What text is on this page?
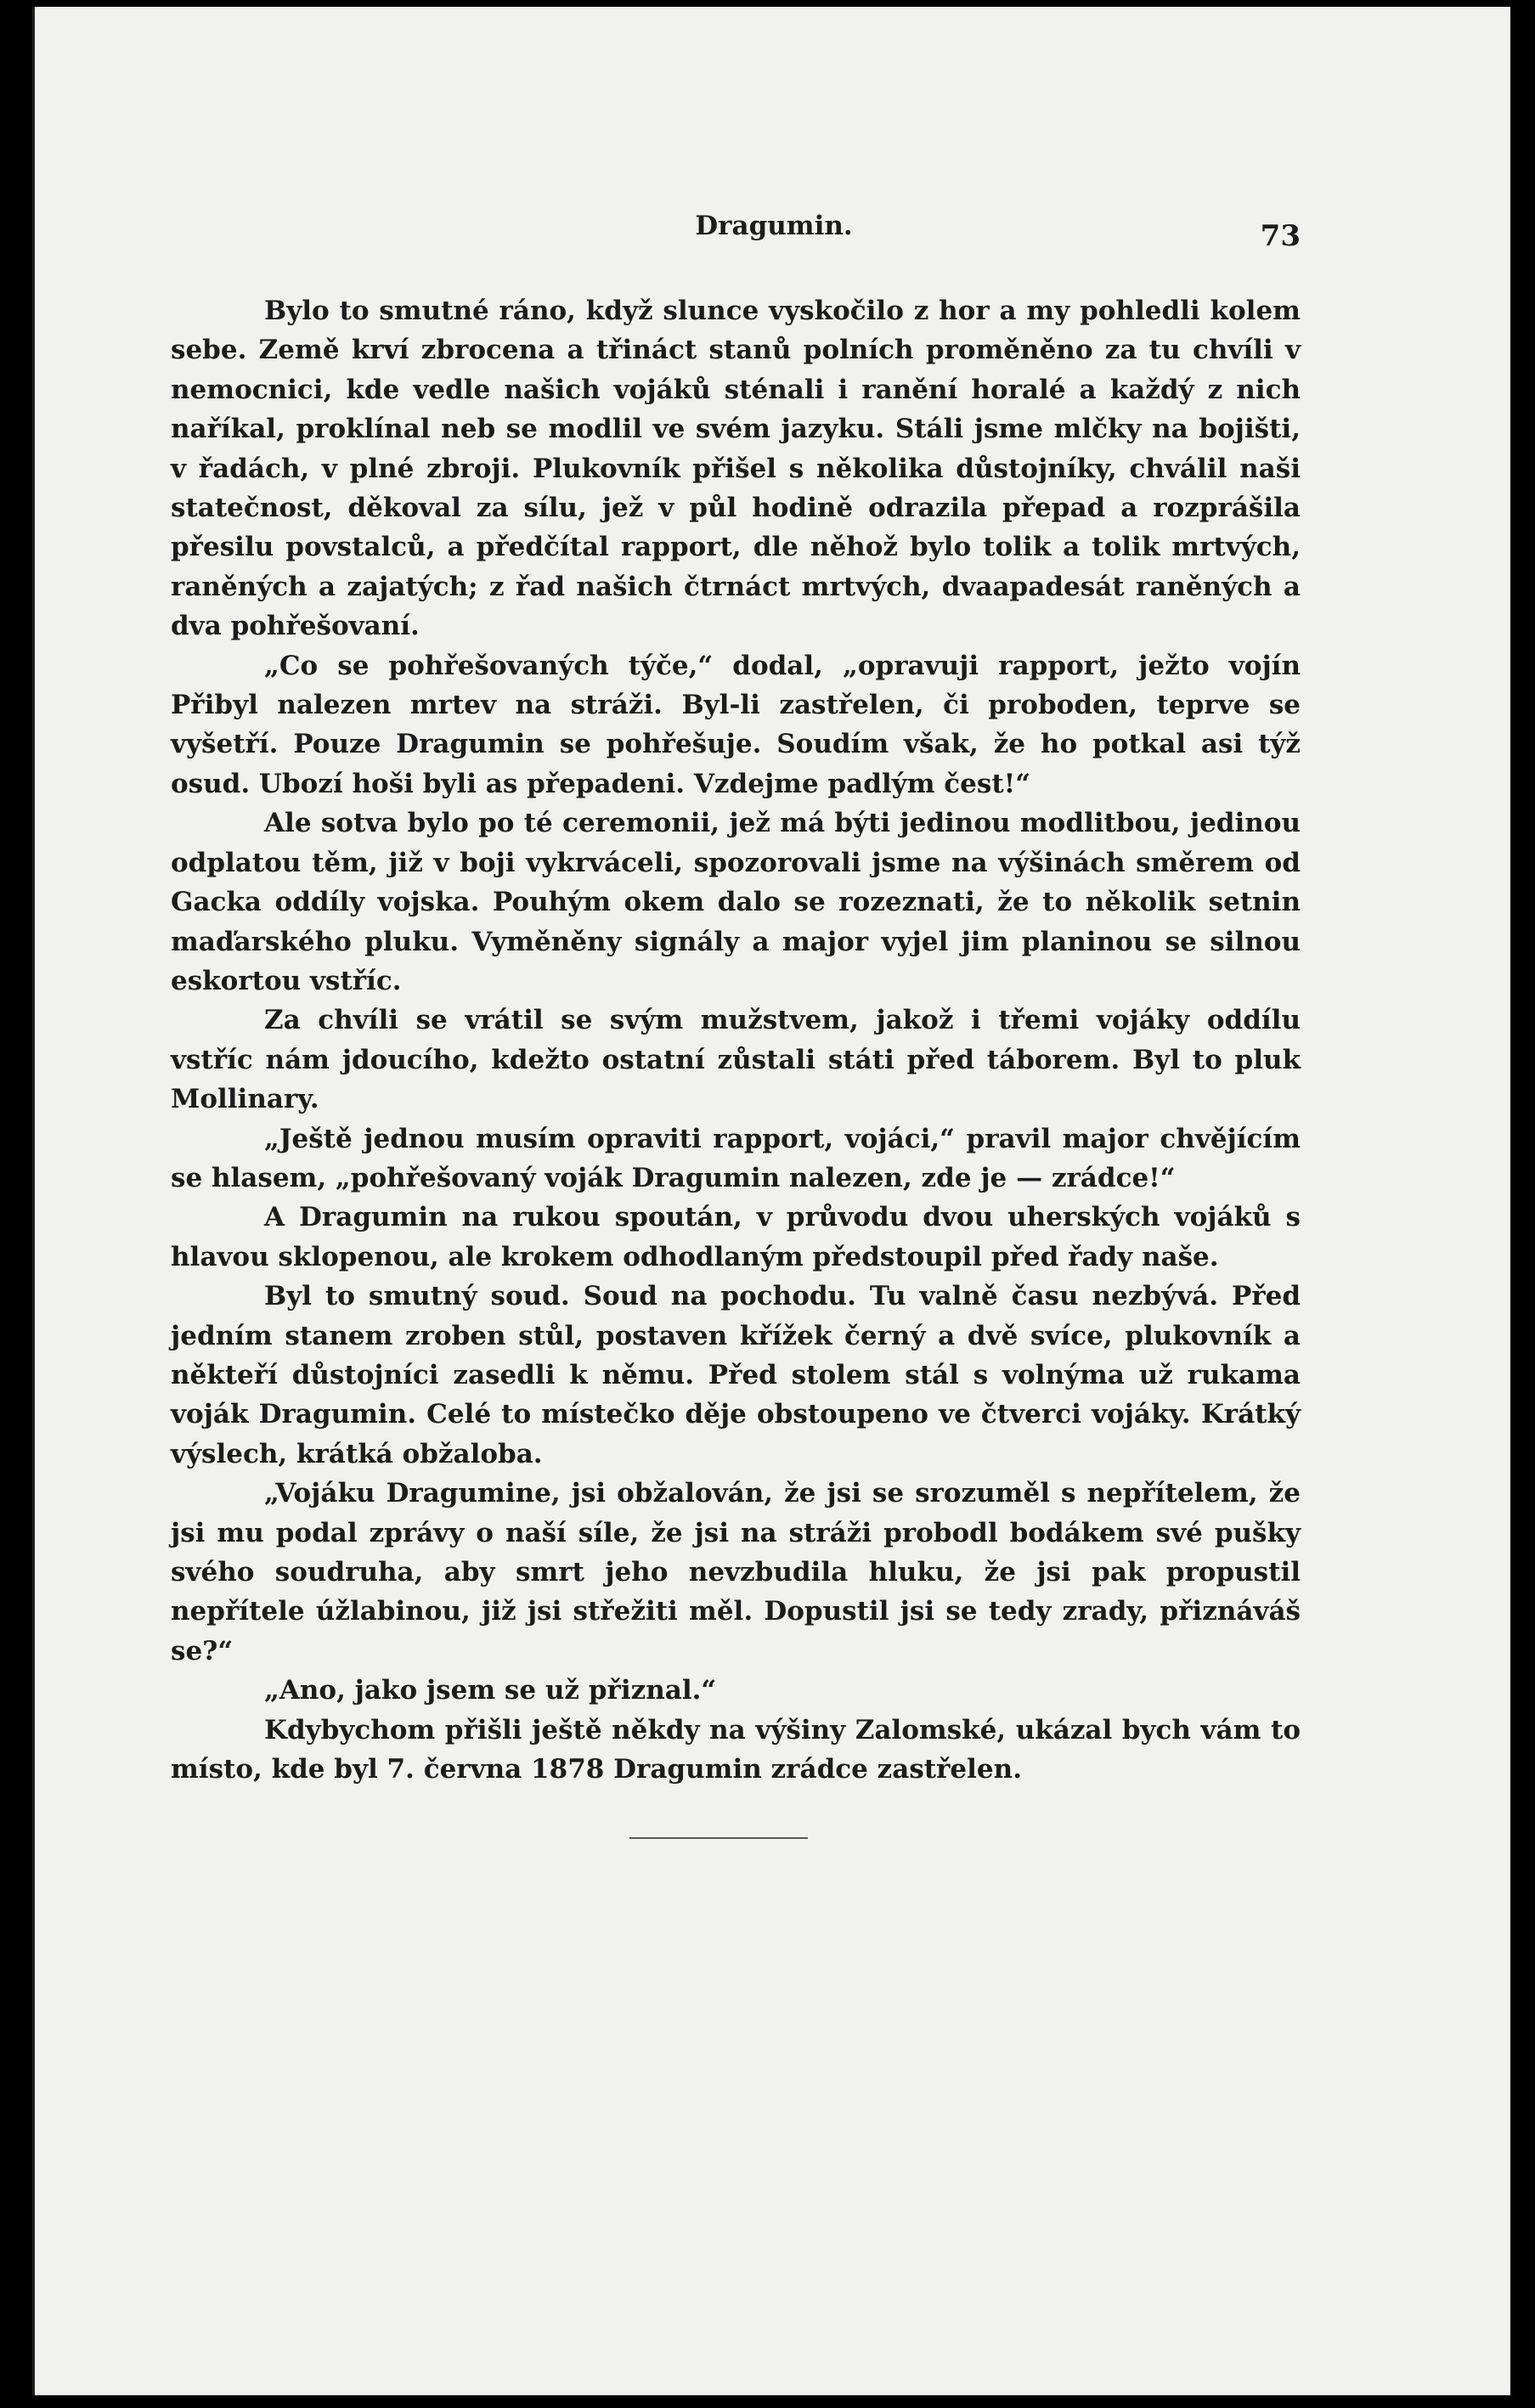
Dragumin.	73

Bylo to smutné ráno, když slunce vyskočilo z hor a my pohledli kolem sebe. Země krví zbrocena a třináct stanů polních proměněno za tu chvíli v nemocnici, kde vedle našich vojáků sténali i ranění horalé a každý z nich naříkal, proklínal neb se modlil ve svém jazyku. Stáli jsme mlčky na bojišti, v řadách, v plné zbroji. Plukovník přišel s několika důstojníky, chválil naši statečnost, děkoval za sílu, jež v půl hodině odrazila přepad a rozprášila přesilu povstalců, a předčítal rapport, dle něhož bylo tolik a tolik mrtvých, raněných a zajatých; z řad našich čtrnáct mrtvých, dvaapadesát raněných a dva pohřešovaní.

„Co se pohřešovaných týče,“ dodal, „opravuji rapport, ježto vojín Přibyl nalezen mrtev na stráži. Byl-li zastřelen, či proboden, teprve se vyšetří. Pouze Dragumin se pohřešuje. Soudím však, že ho potkal asi týž osud. Ubozí hoši byli as přepadeni. Vzdejme padlým čest!“

Ale sotva bylo po té ceremonii, jež má býti jedinou modlitbou, jedinou odplatou těm, již v boji vykrváceli, spozorovali jsme na výšinách směrem od Gacka oddíly vojska. Pouhým okem dalo se rozeznati, že to několik setnin maďarského pluku. Vyměněny signály a major vyjel jim planinou se silnou eskortou vstříc.

Za chvíli se vrátil se svým mužstvem, jakož i třemi vojáky oddílu vstříc nám jdoucího, kdežto ostatní zůstali státi před táborem. Byl to pluk Mollinary.

„Ještě jednou musím opraviti rapport, vojáci,“ pravil major chvějícím se hlasem, „pohřešovaný voják Dragumin nalezen, zde je — zrádce!“

A Dragumin na rukou spoután, v průvodu dvou uherských vojáků s hlavou sklopenou, ale krokem odhodlaným předstoupil před řady naše.

Byl to smutný soud. Soud na pochodu. Tu valně času nezbývá. Před jedním stanem zroben stůl, postaven křížek černý a dvě svíce, plukovník a někteří důstojníci zasedli k němu. Před stolem stál s volnýma už rukama voják Dragumin. Celé to místečko děje obstoupeno ve čtverci vojáky. Krátký výslech, krátká obžaloba.

„Vojáku Dragumine, jsi obžalován, že jsi se srozuměl s nepřítelem, že jsi mu podal zprávy o naší síle, že jsi na stráži probodl bodákem své pušky svého soudruha, aby smrt jeho nevzbudila hluku, že jsi pak propustil nepřítele úžlabinou, již jsi střežiti měl. Dopustil jsi se tedy zrady, přiznáváš se?“

„Ano, jako jsem se už přiznal.“

Kdybychom přišli ještě někdy na výšiny Zalomské, ukázal bych vám to místo, kde byl 7. června 1878 Dragumin zrádce zastřelen.
